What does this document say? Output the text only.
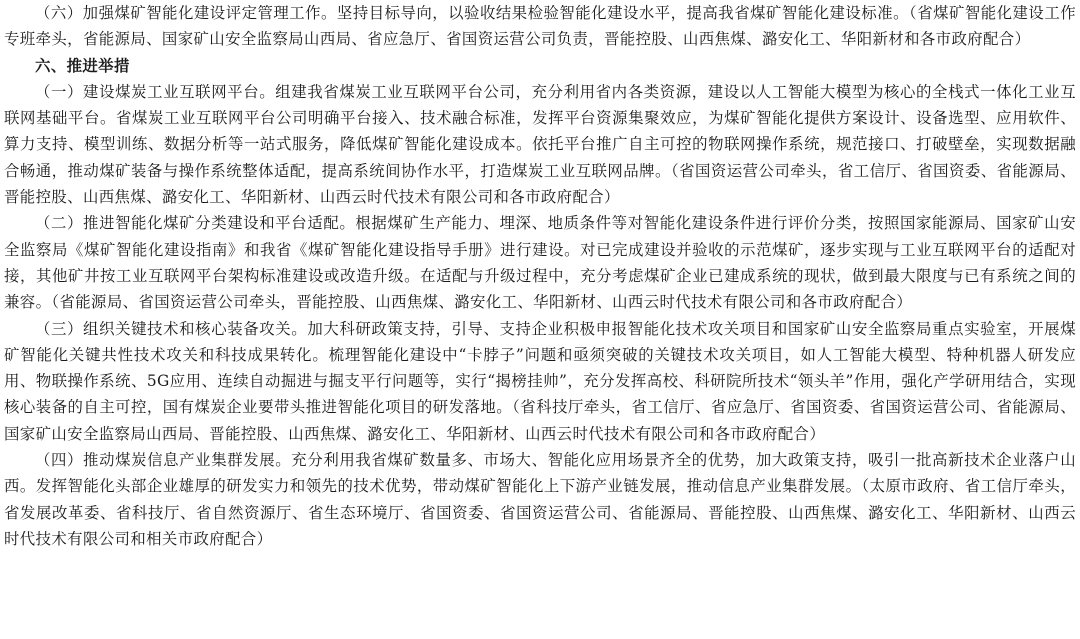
（六）加强煤矿智能化建设评定管理工作。坚持目标导向，以验收结果检验智能化建设水平，提高我省煤矿智能化建设标准。（省煤矿智能化建设工作专班牵头，省能源局、国家矿山安全监察局山西局、省应急厅、省国资运营公司负责，晋能控股、山西焦煤、潞安化工、华阳新材和各市政府配合）

六、推进举措

（一）建设煤炭工业互联网平台。组建我省煤炭工业互联网平台公司，充分利用省内各类资源，建设以人工智能大模型为核心的全栈式一体化工业互联网基础平台。省煤炭工业互联网平台公司明确平台接入、技术融合标准，发挥平台资源集聚效应，为煤矿智能化提供方案设计、设备选型、应用软件、算力支持、模型训练、数据分析等一站式服务，降低煤矿智能化建设成本。依托平台推广自主可控的物联网操作系统，规范接口、打破壁垒，实现数据融合畅通，推动煤矿装备与操作系统整体适配，提高系统间协作水平，打造煤炭工业互联网品牌。（省国资运营公司牵头，省工信厅、省国资委、省能源局、晋能控股、山西焦煤、潞安化工、华阳新材、山西云时代技术有限公司和各市政府配合）

（二）推进智能化煤矿分类建设和平台适配。根据煤矿生产能力、埋深、地质条件等对智能化建设条件进行评价分类，按照国家能源局、国家矿山安全监察局《煤矿智能化建设指南》和我省《煤矿智能化建设指导手册》进行建设。对已完成建设并验收的示范煤矿，逐步实现与工业互联网平台的适配对接，其他矿井按工业互联网平台架构标准建设或改造升级。在适配与升级过程中，充分考虑煤矿企业已建成系统的现状，做到最大限度与已有系统之间的兼容。（省能源局、省国资运营公司牵头，晋能控股、山西焦煤、潞安化工、华阳新材、山西云时代技术有限公司和各市政府配合）

（三）组织关键技术和核心装备攻关。加大科研政策支持，引导、支持企业积极申报智能化技术攻关项目和国家矿山安全监察局重点实验室，开展煤矿智能化关键共性技术攻关和科技成果转化。梳理智能化建设中“卡脖子”问题和亟须突破的关键技术攻关项目，如人工智能大模型、特种机器人研发应用、物联操作系统、5G应用、连续自动掘进与掘支平行问题等，实行“揭榜挂帅”，充分发挥高校、科研院所技术“领头羊”作用，强化产学研用结合，实现核心装备的自主可控，国有煤炭企业要带头推进智能化项目的研发落地。（省科技厅牵头，省工信厅、省应急厅、省国资委、省国资运营公司、省能源局、国家矿山安全监察局山西局、晋能控股、山西焦煤、潞安化工、华阳新材、山西云时代技术有限公司和各市政府配合）

（四）推动煤炭信息产业集群发展。充分利用我省煤矿数量多、市场大、智能化应用场景齐全的优势，加大政策支持，吸引一批高新技术企业落户山西。发挥智能化头部企业雄厚的研发实力和领先的技术优势，带动煤矿智能化上下游产业链发展，推动信息产业集群发展。（太原市政府、省工信厅牵头，省发展改革委、省科技厅、省自然资源厅、省生态环境厅、省国资委、省国资运营公司、省能源局、晋能控股、山西焦煤、潞安化工、华阳新材、山西云时代技术有限公司和相关市政府配合）
